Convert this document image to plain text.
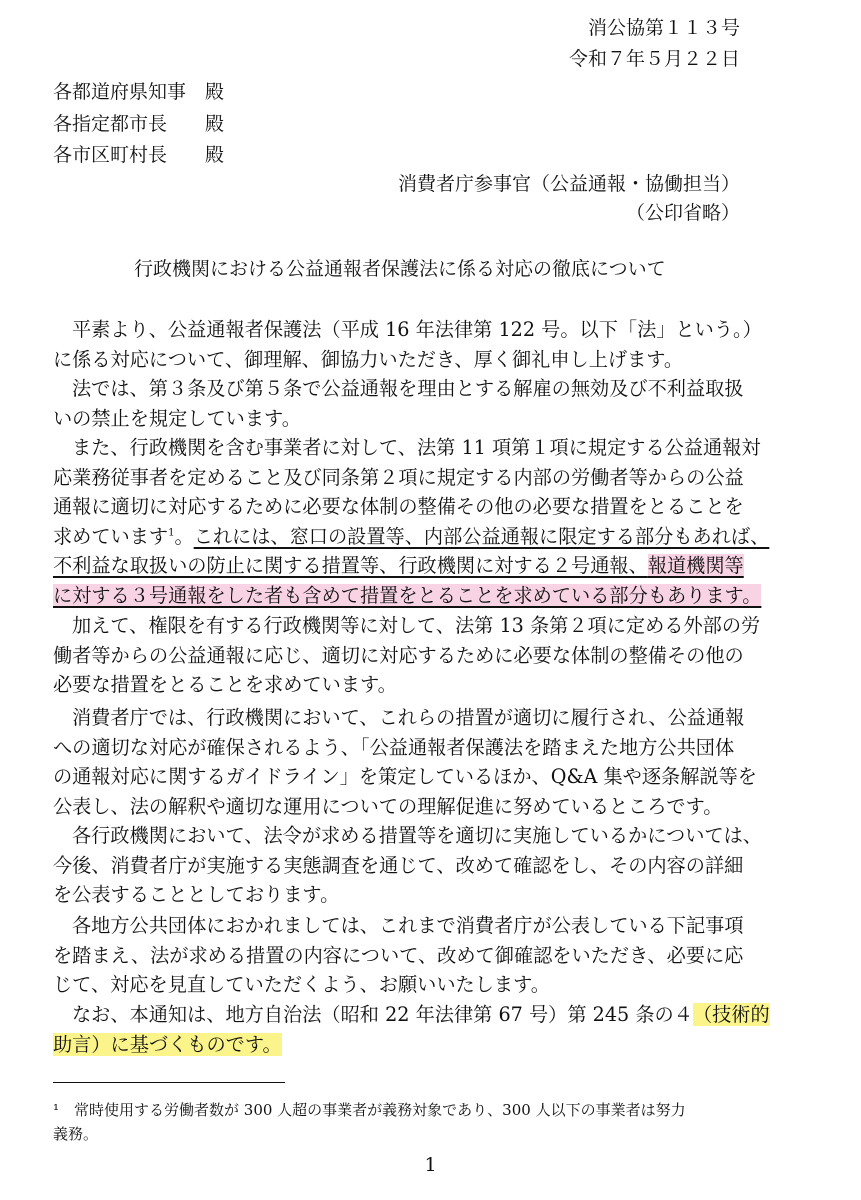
消公協第１１３号
令和７年５月２２日
各都道府県知事　殿
各指定都市長　　殿
各市区町村長　　殿
消費者庁参事官（公益通報・協働担当）
（公印省略）
行政機関における公益通報者保護法に係る対応の徹底について
平素より、公益通報者保護法（平成 16 年法律第 122 号。以下「法」という。）
に係る対応について、御理解、御協力いただき、厚く御礼申し上げます。
法では、第３条及び第５条で公益通報を理由とする解雇の無効及び不利益取扱
いの禁止を規定しています。
また、行政機関を含む事業者に対して、法第 11 項第１項に規定する公益通報対
応業務従事者を定めること及び同条第２項に規定する内部の労働者等からの公益
通報に適切に対応するために必要な体制の整備その他の必要な措置をとることを
求めています$^1$。これには、窓口の設置等、内部公益通報に限定する部分もあれば、
不利益な取扱いの防止に関する措置等、行政機関に対する２号通報、報道機関等
に対する３号通報をした者も含めて措置をとることを求めている部分もあります。
加えて、権限を有する行政機関等に対して、法第 13 条第２項に定める外部の労
働者等からの公益通報に応じ、適切に対応するために必要な体制の整備その他の
必要な措置をとることを求めています。
消費者庁では、行政機関において、これらの措置が適切に履行され、公益通報
への適切な対応が確保されるよう、「公益通報者保護法を踏まえた地方公共団体
の通報対応に関するガイドライン」を策定しているほか、Q&A 集や逐条解説等を
公表し、法の解釈や適切な運用についての理解促進に努めているところです。
各行政機関において、法令が求める措置等を適切に実施しているかについては、
今後、消費者庁が実施する実態調査を通じて、改めて確認をし、その内容の詳細
を公表することとしております。
各地方公共団体におかれましては、これまで消費者庁が公表している下記事項
を踏まえ、法が求める措置の内容について、改めて御確認をいただき、必要に応
じて、対応を見直していただくよう、お願いいたします。
なお、本通知は、地方自治法（昭和 22 年法律第 67 号）第 245 条の４（技術的
助言）に基づくものです。
¹　常時使用する労働者数が 300 人超の事業者が義務対象であり、300 人以下の事業者は努力
義務。
1
